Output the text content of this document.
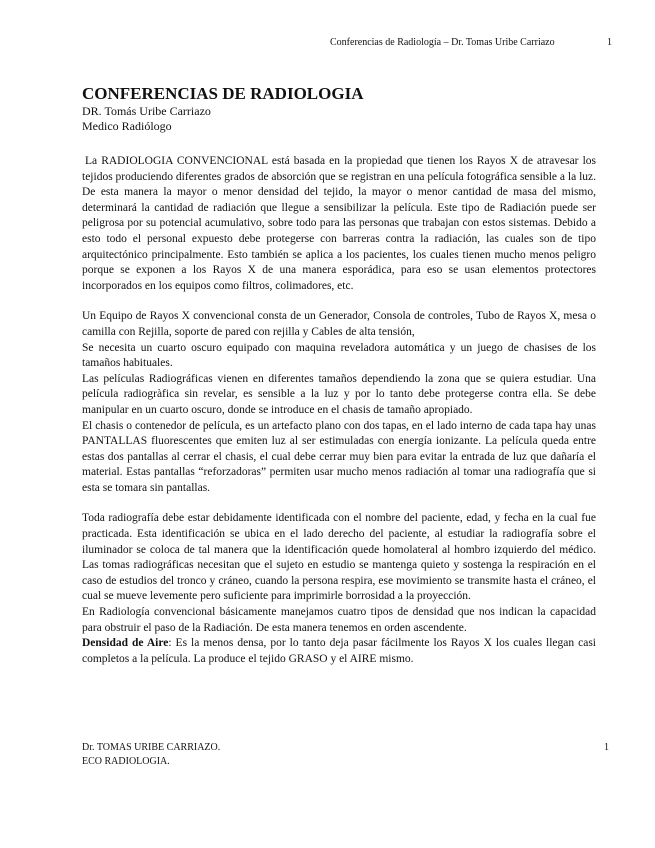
Conferencias de Radiología – Dr. Tomas Uribe Carriazo	1
CONFERENCIAS DE RADIOLOGIA

DR. Tomás Uribe Carriazo

Medico Radiólogo

La RADIOLOGIA CONVENCIONAL está basada en la propiedad que tienen los Rayos X de atravesar los tejidos produciendo diferentes grados de absorción que se registran en una película fotográfica sensible a la luz. De esta manera la mayor o menor densidad del tejido, la mayor o menor cantidad de masa del mismo, determinará la cantidad de radiación que llegue a sensibilizar la película. Este tipo de Radiación puede ser peligrosa por su potencial acumulativo, sobre todo para las personas que trabajan con estos sistemas. Debido a esto todo el personal expuesto debe protegerse con barreras contra la radiación, las cuales son de tipo arquitectónico principalmente. Esto también se aplica a los pacientes, los cuales tienen mucho menos peligro porque se exponen a los Rayos X de una manera esporádica, para eso se usan elementos protectores incorporados en los equipos como filtros, colimadores, etc.

Un Equipo de Rayos X convencional consta de un Generador, Consola de controles, Tubo de Rayos X, mesa o camilla con Rejilla, soporte de pared con rejilla y Cables de alta tensión,

Se necesita un cuarto oscuro equipado con maquina reveladora automática y un juego de chasises de los tamaños habituales.

Las películas Radiográficas vienen en diferentes tamaños dependiendo la zona que se quiera estudiar. Una película radiogràfica sin revelar, es sensible a la luz y por lo tanto debe protegerse contra ella. Se debe manipular en un cuarto oscuro, donde se introduce en el chasis de tamaño apropiado.

El chasis o contenedor de película, es un artefacto plano con dos tapas, en el lado interno de cada tapa hay unas PANTALLAS fluorescentes que emiten luz al ser estimuladas con energía ionizante. La película queda entre estas dos pantallas al cerrar el chasis, el cual debe cerrar muy bien para evitar la entrada de luz que dañaría el material. Estas pantallas “reforzadoras” permiten usar mucho menos radiación al tomar una radiografía que si esta se tomara sin pantallas.

Toda radiografía debe estar debidamente identificada con el nombre del paciente, edad, y fecha en la cual fue practicada. Esta identificación se ubica en el lado derecho del paciente, al estudiar la radiografía sobre el iluminador se coloca de tal manera que la identificación quede homolateral al hombro izquierdo del médico. Las tomas radiográficas necesitan que el sujeto en estudio se mantenga quieto y sostenga la respiración en el caso de estudios del tronco y cráneo, cuando la persona respira, ese movimiento se transmite hasta el cráneo, el cual se mueve levemente pero suficiente para imprimirle borrosidad a la proyección.

En Radiología convencional básicamente manejamos cuatro tipos de densidad que nos indican la capacidad para obstruir el paso de la Radiación. De esta manera tenemos en orden ascendente.

Densidad de Aire: Es la menos densa, por lo tanto deja pasar fácilmente los Rayos X los cuales llegan casi completos a la película. La produce el tejido GRASO y el AIRE mismo.

Dr. TOMAS URIBE CARRIAZO.
ECO RADIOLOGIA.
1
